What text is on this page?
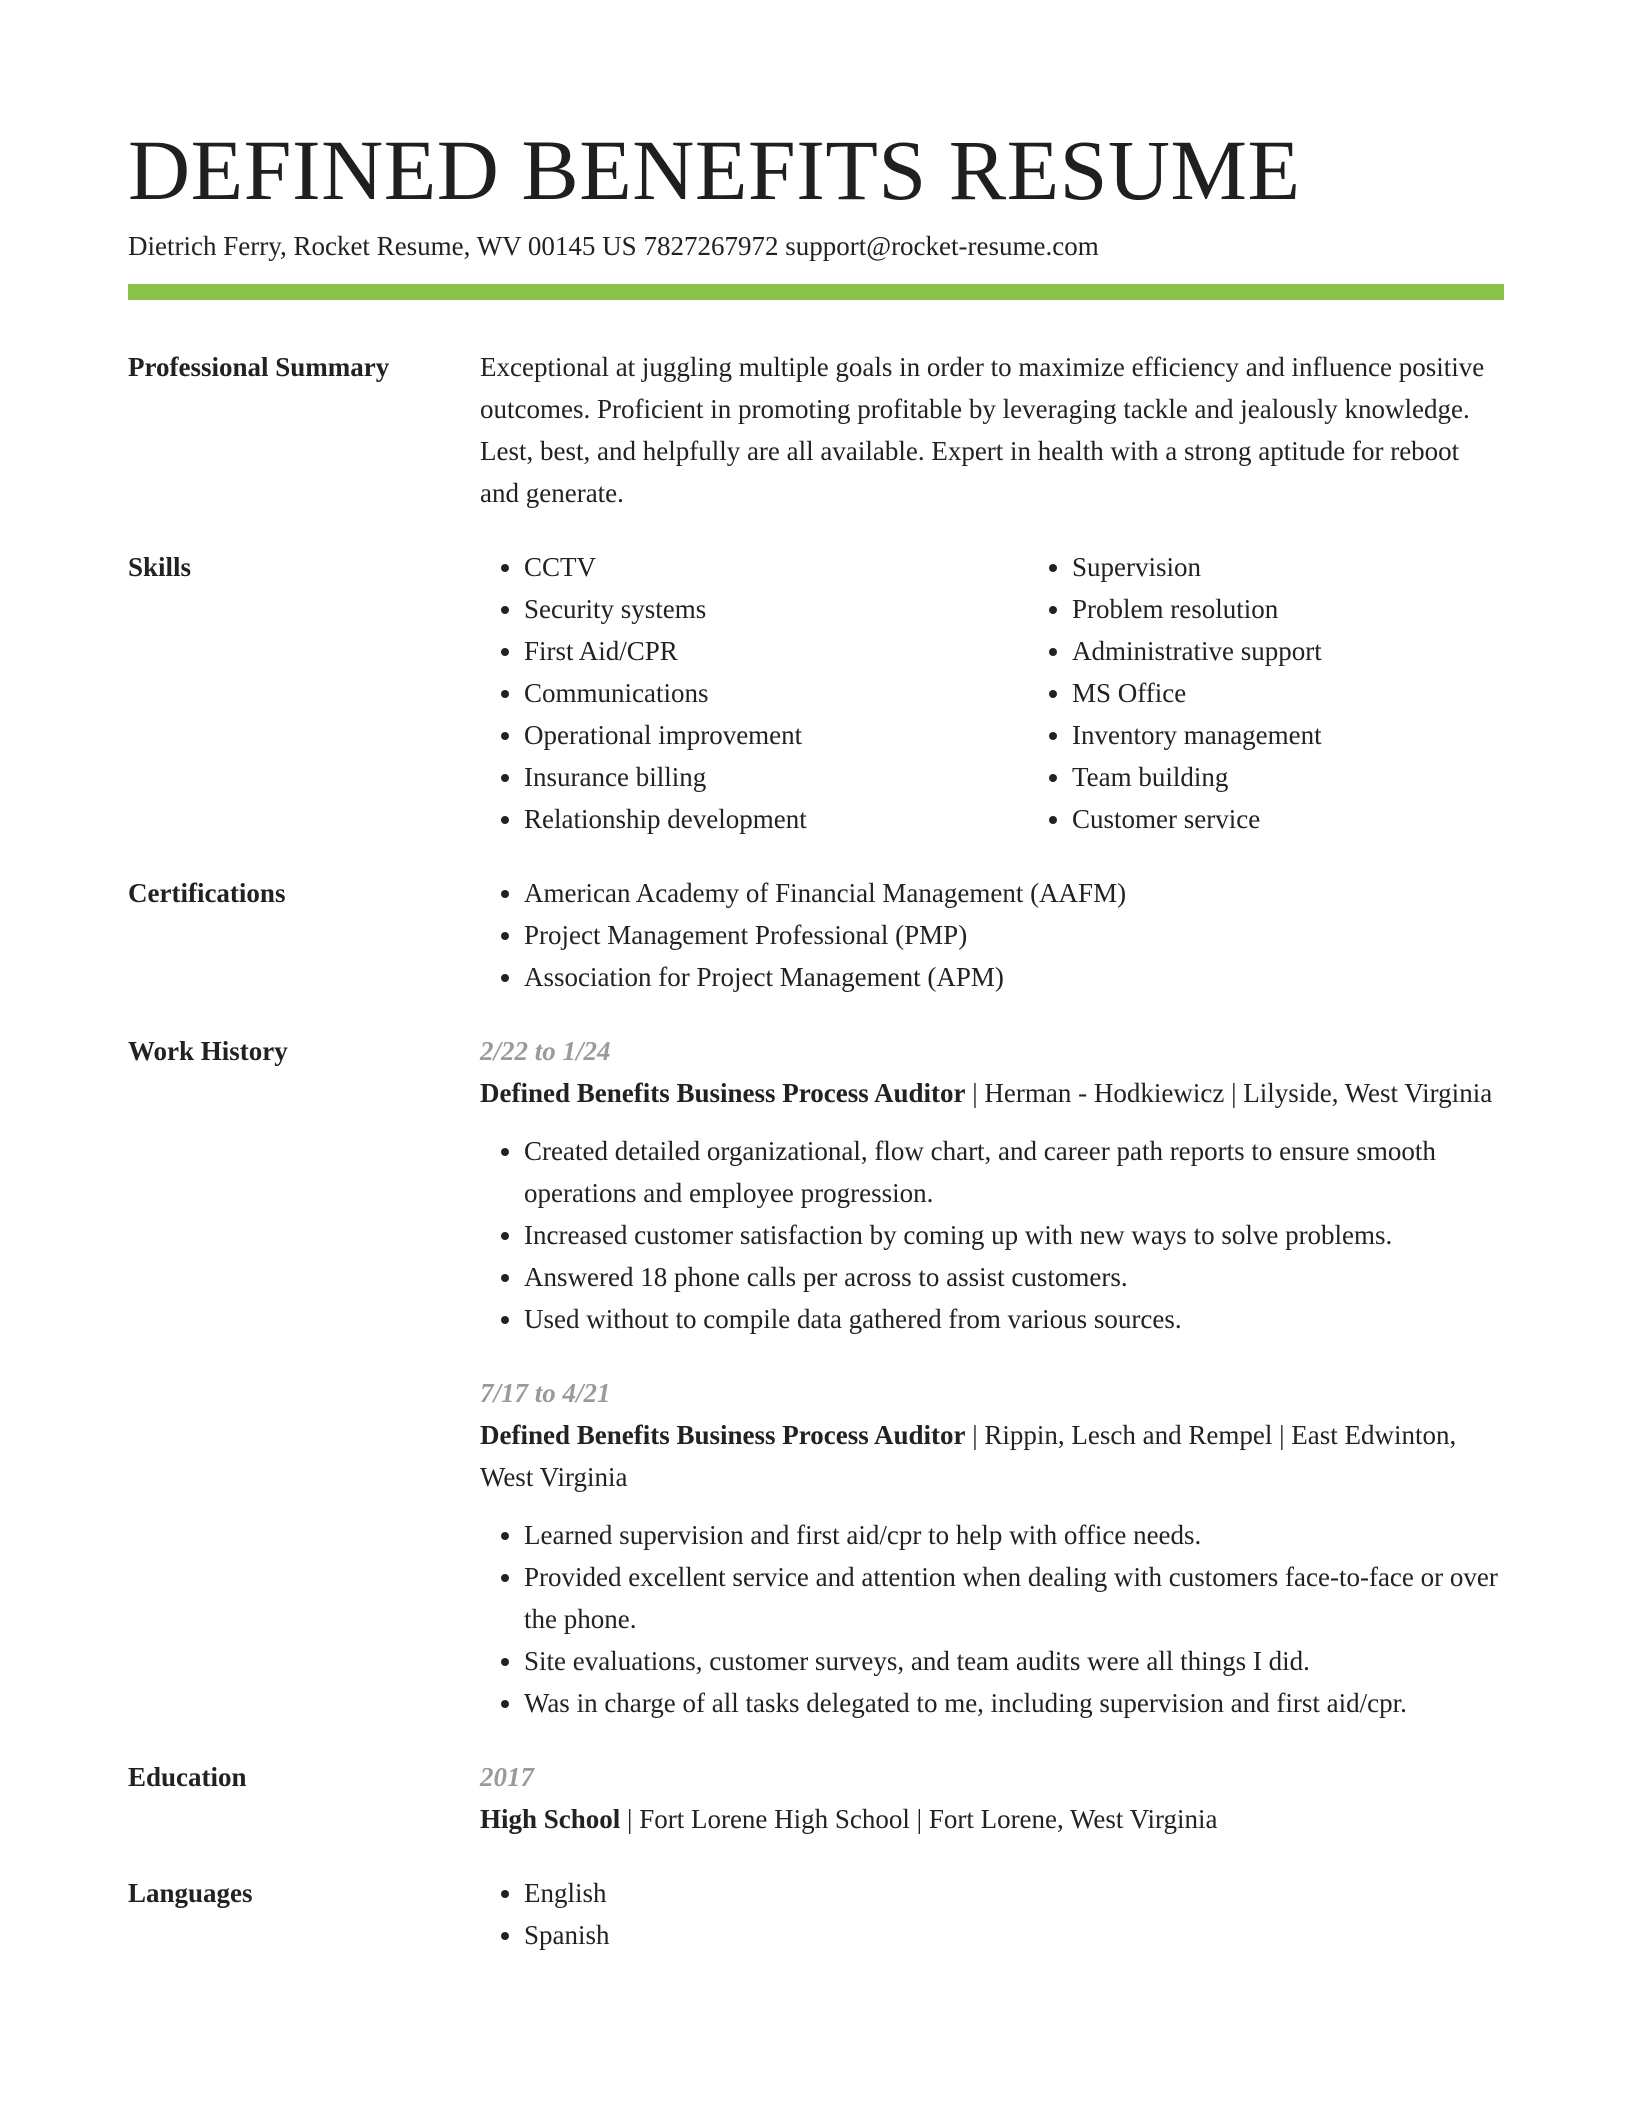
DEFINED BENEFITS RESUME
Dietrich Ferry, Rocket Resume, WV 00145 US 7827267972 support@rocket-resume.com
Professional Summary	Exceptional at juggling multiple goals in order to maximize efficiency and influence positive outcomes. Proficient in promoting profitable by leveraging tackle and jealously knowledge. Lest, best, and helpfully are all available. Expert in health with a strong aptitude for reboot and generate.

Skills	• CCTV
• Security systems
• First Aid/CPR
• Communications
• Operational improvement
• Insurance billing
• Relationship development
• Supervision
• Problem resolution
• Administrative support
• MS Office
• Inventory management
• Team building
• Customer service
Certifications	• American Academy of Financial Management (AAFM)
• Project Management Professional (PMP)
• Association for Project Management (APM)
Work History	2/22 to 1/24

Defined Benefits Business Process Auditor | Herman - Hodkiewicz | Lilyside, West Virginia

• Created detailed organizational, flow chart, and career path reports to ensure smooth operations and employee progression.
• Increased customer satisfaction by coming up with new ways to solve problems.
• Answered 18 phone calls per across to assist customers.
• Used without to compile data gathered from various sources.
7/17 to 4/21

Defined Benefits Business Process Auditor | Rippin, Lesch and Rempel | East Edwinton, West Virginia

• Learned supervision and first aid/cpr to help with office needs.
• Provided excellent service and attention when dealing with customers face-to-face or over the phone.
• Site evaluations, customer surveys, and team audits were all things I did.
• Was in charge of all tasks delegated to me, including supervision and first aid/cpr.
Education	2017

High School | Fort Lorene High School | Fort Lorene, West Virginia

Languages	• English
• Spanish
